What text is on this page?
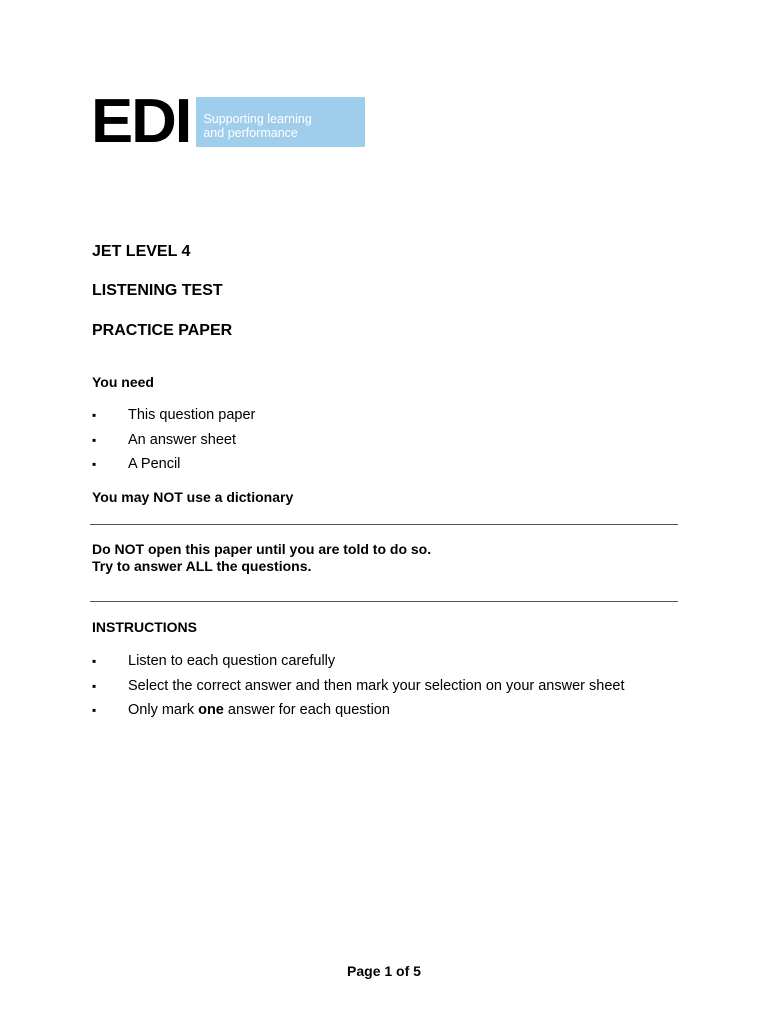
EDI Supporting learning
and performance
JET LEVEL 4
LISTENING TEST
PRACTICE PAPER
You need
▪ This question paper
▪ An answer sheet
▪ A Pencil
You may NOT use a dictionary
Do NOT open this paper until you are told to do so.
Try to answer ALL the questions.
INSTRUCTIONS
▪ Listen to each question carefully
▪ Select the correct answer and then mark your selection on your answer sheet
▪ Only mark one answer for each question
Page 1 of 5
